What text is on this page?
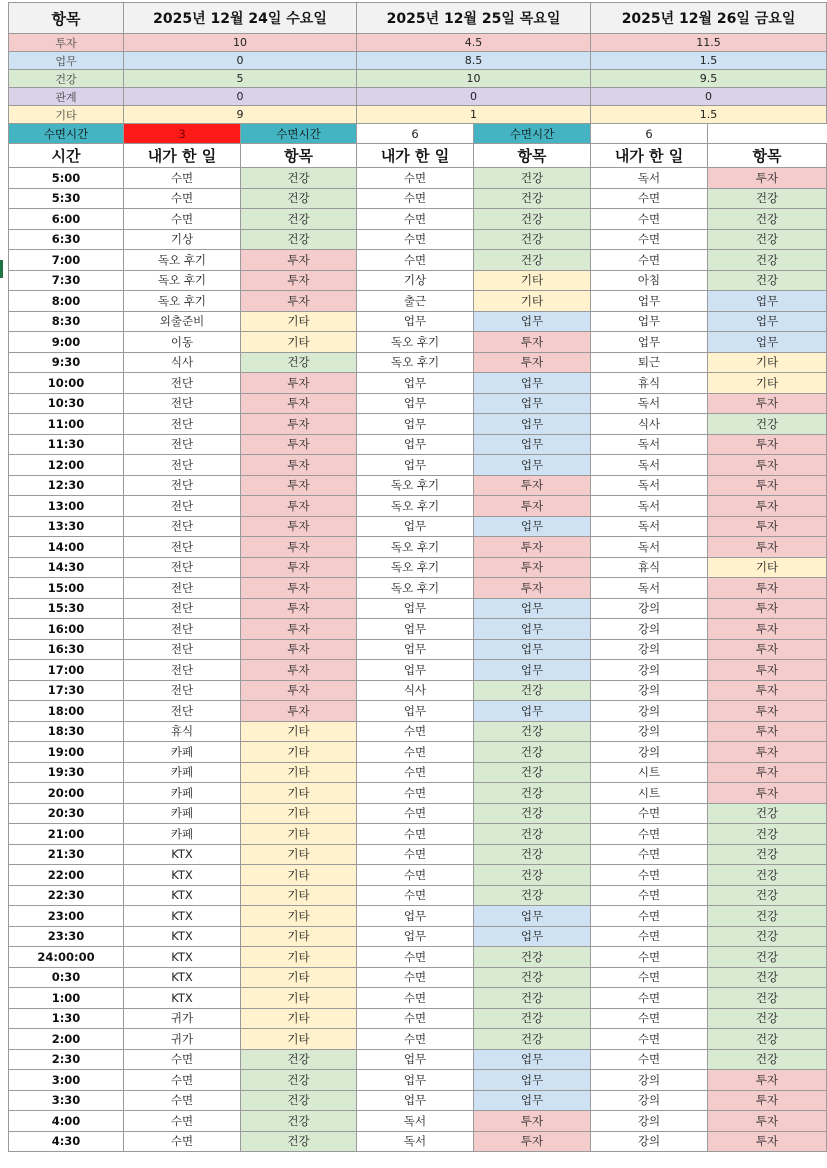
항목	2025년 12월 24일 수요일		2025년 12월 25일 목요일		2025년 12월 26일 금요일	
투자	10		4.5		11.5	
업무	0		8.5		1.5	
건강	5		10		9.5	
관계	0		0		0	
기타	9		1		1.5	
수면시간	3	수면시간	6	수면시간	6	
시간	내가 한 일	항목	내가 한 일	항목	내가 한 일	항목
5:00	수면	건강	수면	건강	독서	투자
5:30	수면	건강	수면	건강	수면	건강
6:00	수면	건강	수면	건강	수면	건강
6:30	기상	건강	수면	건강	수면	건강
7:00	독오 후기	투자	수면	건강	수면	건강
7:30	독오 후기	투자	기상	기타	아침	건강
8:00	독오 후기	투자	출근	기타	업무	업무
8:30	외출준비	기타	업무	업무	업무	업무
9:00	이동	기타	독오 후기	투자	업무	업무
9:30	식사	건강	독오 후기	투자	퇴근	기타
10:00	전단	투자	업무	업무	휴식	기타
10:30	전단	투자	업무	업무	독서	투자
11:00	전단	투자	업무	업무	식사	건강
11:30	전단	투자	업무	업무	독서	투자
12:00	전단	투자	업무	업무	독서	투자
12:30	전단	투자	독오 후기	투자	독서	투자
13:00	전단	투자	독오 후기	투자	독서	투자
13:30	전단	투자	업무	업무	독서	투자
14:00	전단	투자	독오 후기	투자	독서	투자
14:30	전단	투자	독오 후기	투자	휴식	기타
15:00	전단	투자	독오 후기	투자	독서	투자
15:30	전단	투자	업무	업무	강의	투자
16:00	전단	투자	업무	업무	강의	투자
16:30	전단	투자	업무	업무	강의	투자
17:00	전단	투자	업무	업무	강의	투자
17:30	전단	투자	식사	건강	강의	투자
18:00	전단	투자	업무	업무	강의	투자
18:30	휴식	기타	수면	건강	강의	투자
19:00	카페	기타	수면	건강	강의	투자
19:30	카페	기타	수면	건강	시트	투자
20:00	카페	기타	수면	건강	시트	투자
20:30	카페	기타	수면	건강	수면	건강
21:00	카페	기타	수면	건강	수면	건강
21:30	KTX	기타	수면	건강	수면	건강
22:00	KTX	기타	수면	건강	수면	건강
22:30	KTX	기타	수면	건강	수면	건강
23:00	KTX	기타	업무	업무	수면	건강
23:30	KTX	기타	업무	업무	수면	건강
24:00:00	KTX	기타	수면	건강	수면	건강
0:30	KTX	기타	수면	건강	수면	건강
1:00	KTX	기타	수면	건강	수면	건강
1:30	귀가	기타	수면	건강	수면	건강
2:00	귀가	기타	수면	건강	수면	건강
2:30	수면	건강	업무	업무	수면	건강
3:00	수면	건강	업무	업무	강의	투자
3:30	수면	건강	업무	업무	강의	투자
4:00	수면	건강	독서	투자	강의	투자
4:30	수면	건강	독서	투자	강의	투자
